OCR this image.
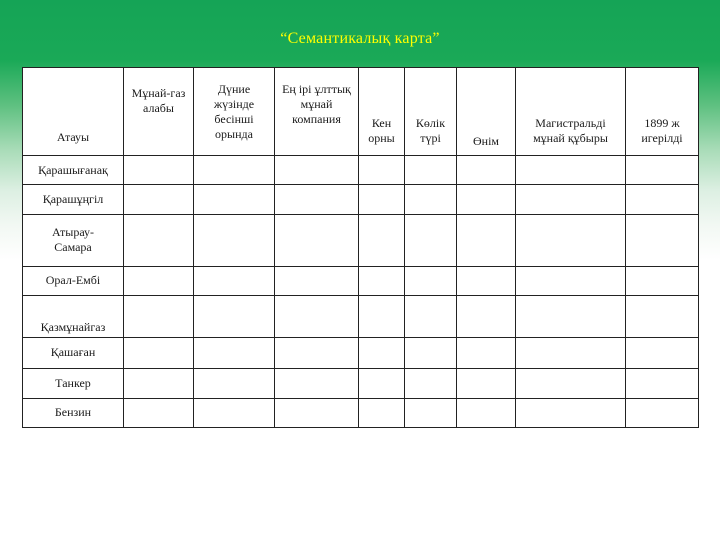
“Семантикалық карта”
Атауы	Мұнай-газ алабы	Дүние жүзінде бесінші орында	Ең ірі ұлттық мұнай компания	Кен орны	Көлік түрі	Өнім	Магистральді мұнай құбыры	1899 ж игерілді

Қарашығанақ								
Қарашұңгіл								
Атырау-Самара								
Орал-Ембі								

Қазмұнайгаз								

Қашаған								
Танкер								
Бензин								
